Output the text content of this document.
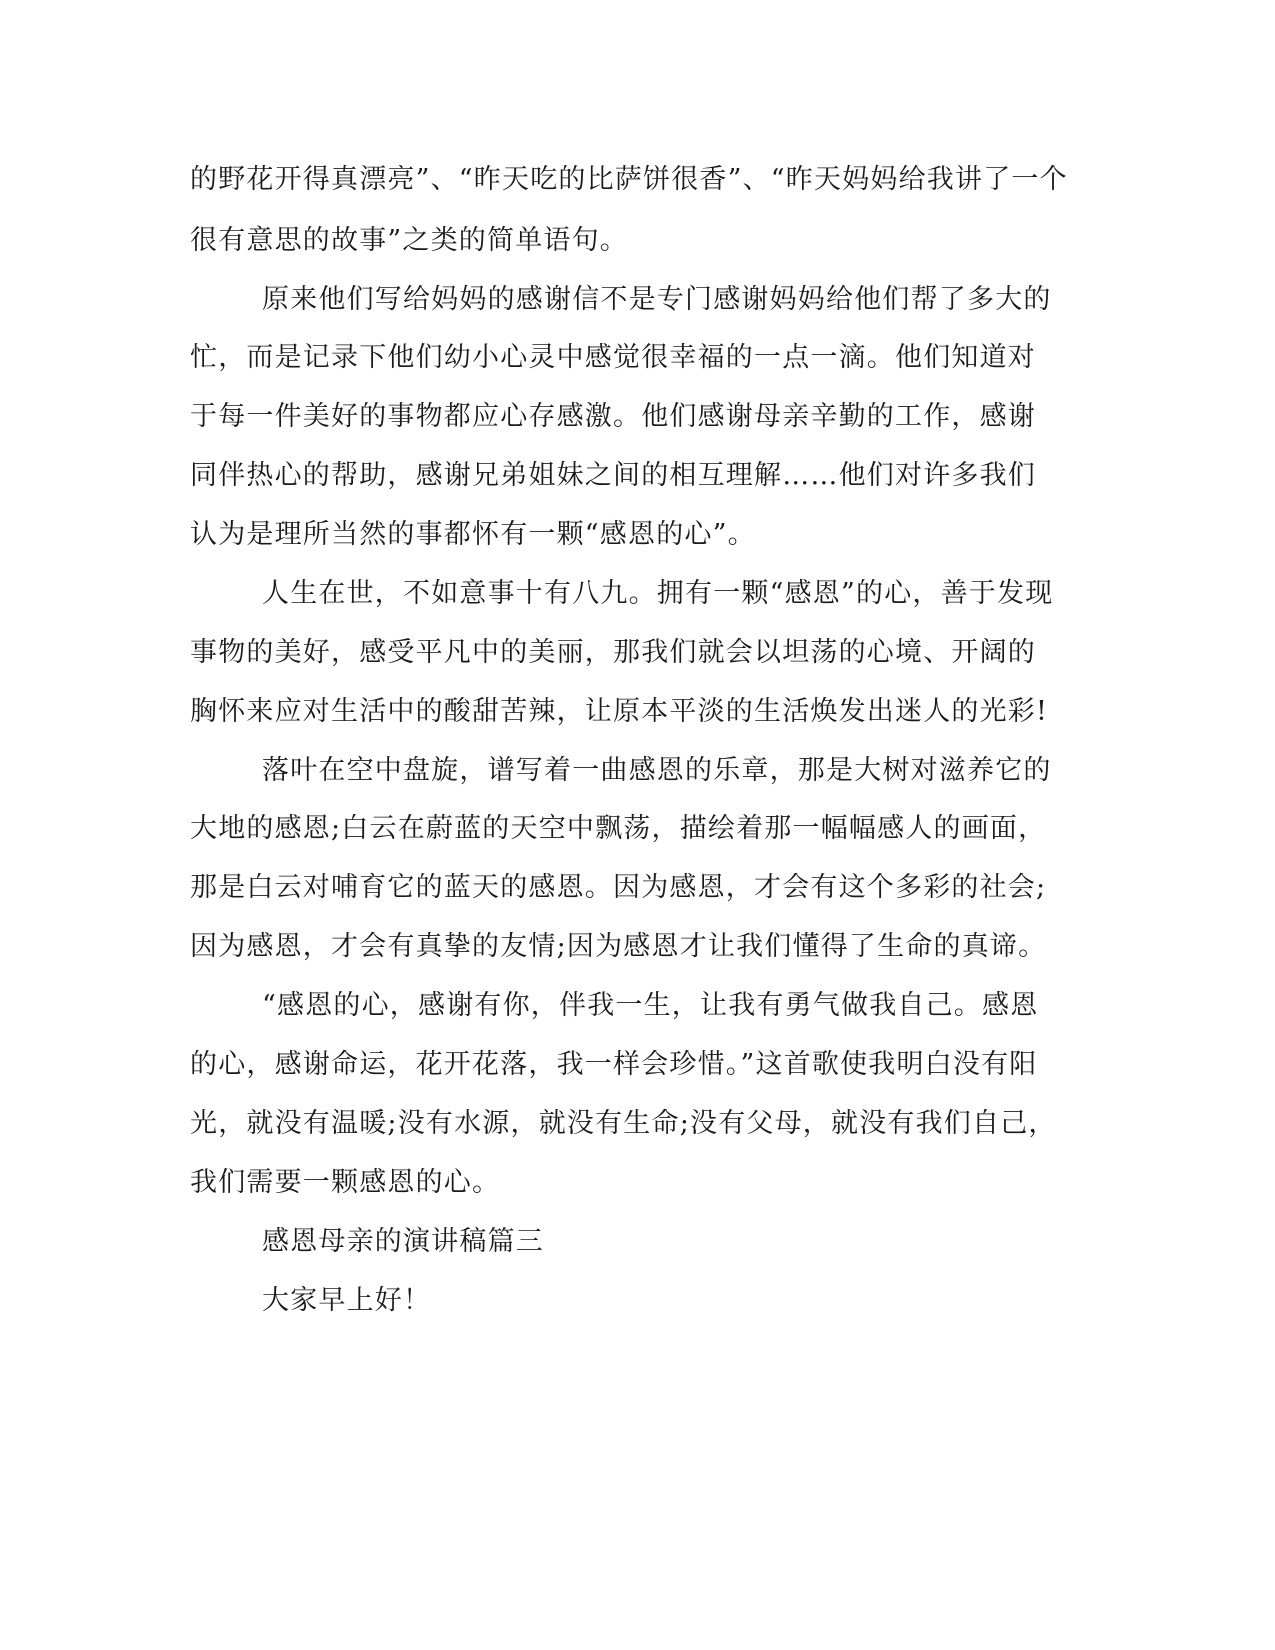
的野花开得真漂亮”、“昨天吃的比萨饼很香”、“昨天妈妈给我讲了一个
很有意思的故事”之类的简单语句。
原来他们写给妈妈的感谢信不是专门感谢妈妈给他们帮了多大的
忙，而是记录下他们幼小心灵中感觉很幸福的一点一滴。他们知道对
于每一件美好的事物都应心存感激。他们感谢母亲辛勤的工作，感谢
同伴热心的帮助，感谢兄弟姐妹之间的相互理解……他们对许多我们
认为是理所当然的事都怀有一颗“感恩的心”。
人生在世，不如意事十有八九。拥有一颗“感恩”的心，善于发现
事物的美好，感受平凡中的美丽，那我们就会以坦荡的心境、开阔的
胸怀来应对生活中的酸甜苦辣，让原本平淡的生活焕发出迷人的光彩!
落叶在空中盘旋，谱写着一曲感恩的乐章，那是大树对滋养它的
大地的感恩;白云在蔚蓝的天空中飘荡，描绘着那一幅幅感人的画面，
那是白云对哺育它的蓝天的感恩。因为感恩，才会有这个多彩的社会;
因为感恩，才会有真挚的友情;因为感恩才让我们懂得了生命的真谛。
“感恩的心，感谢有你，伴我一生，让我有勇气做我自己。感恩
的心，感谢命运，花开花落，我一样会珍惜。”这首歌使我明白没有阳
光，就没有温暖;没有水源，就没有生命;没有父母，就没有我们自己，
我们需要一颗感恩的心。
感恩母亲的演讲稿篇三
大家早上好！
